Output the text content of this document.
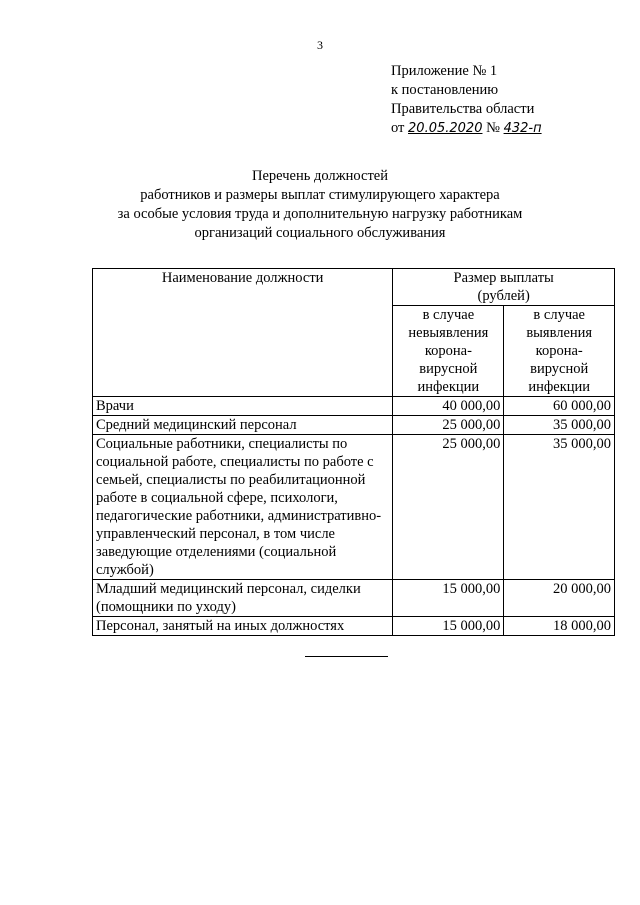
3
Приложение № 1
к постановлению
Правительства области
от 20.05.2020 № 432-п
Перечень должностей
работников и размеры выплат стимулирующего характера
за особые условия труда и дополнительную нагрузку работникам
организаций социального обслуживания
Наименование должности	Размер выплаты
(рублей)	

	в случае невыявления корона-вирусной инфекции	в случае выявления корона-вирусной инфекции
Врачи	40 000,00	60 000,00
Средний медицинский персонал	25 000,00	35 000,00
Социальные работники, специалисты по социальной работе, специалисты по работе с семьей, специалисты по реабилитационной работе в социальной сфере, психологи, педагогические работники, административно-управленческий персонал, в том числе заведующие отделениями (социальной службой)	25 000,00	35 000,00
Младший медицинский персонал, сиделки (помощники по уходу)	15 000,00	20 000,00
Персонал, занятый на иных должностях	15 000,00	18 000,00
